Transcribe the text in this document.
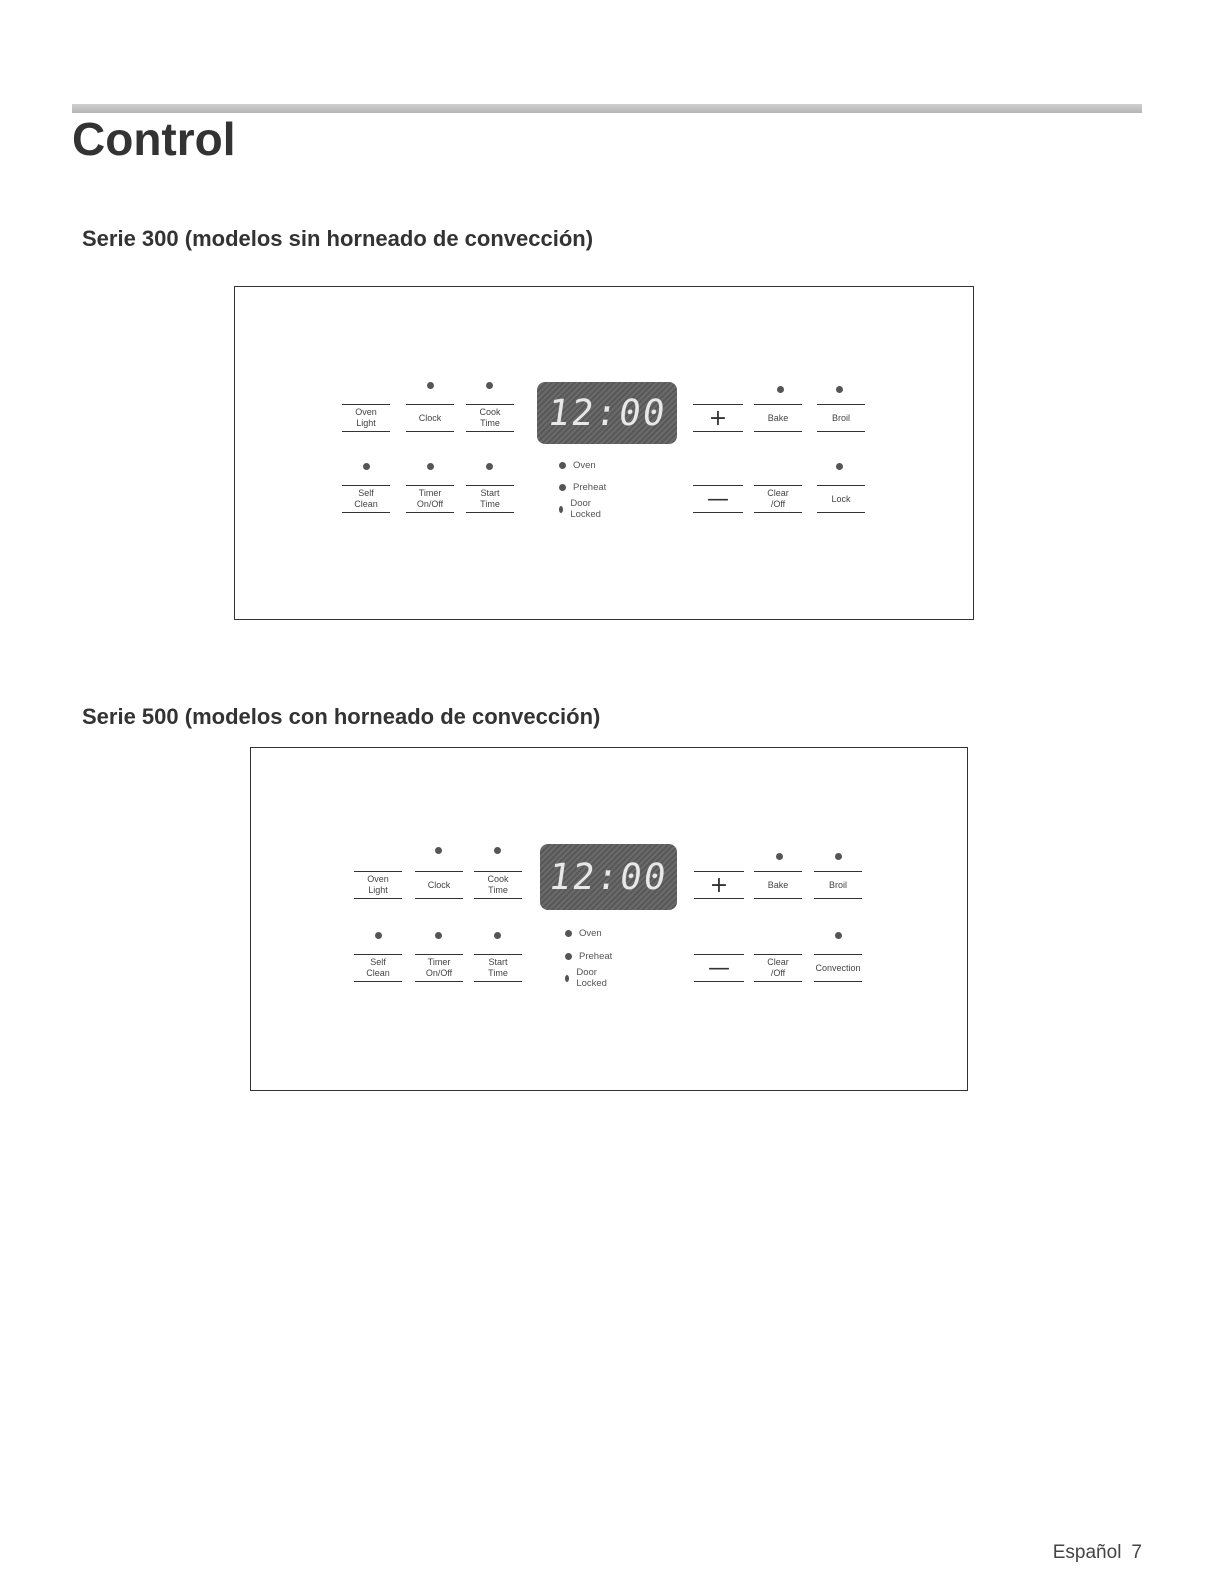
Control
Serie 300 (modelos sin horneado de convección)
Oven
Light
Clock
Cook
Time 12:00 +	Bake	Broil
Self
Clean
Timer
On/Off
Start
Time
Oven
Preheat
Door Locked
—	Clear
/Off
Lock
Serie 500 (modelos con horneado de convección)
Oven
Light
Clock
Cook
Time 12:00 +	Bake	Broil
Self
Clean
Timer
On/Off
Start
Time
Oven
Preheat
Door Locked
—	Clear
/Off
Convection
Español 7
